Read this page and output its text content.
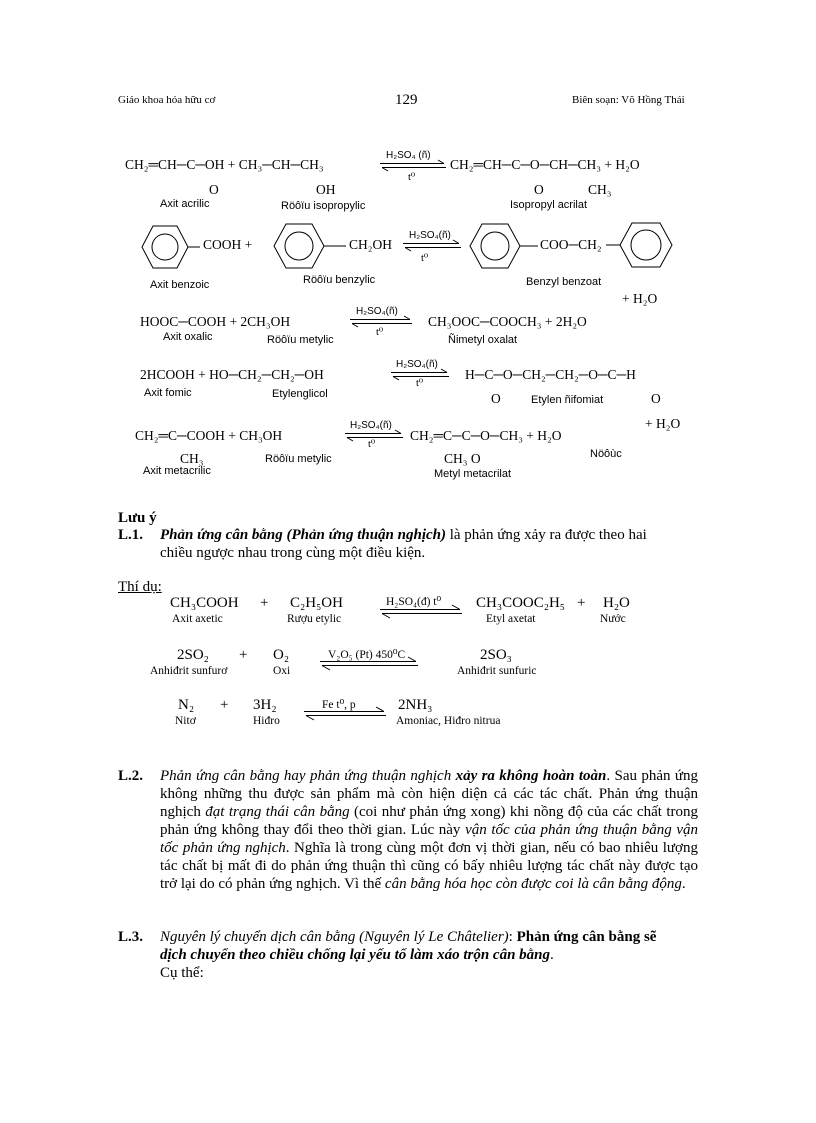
Giáo khoa hóa hữu cơ	129	Biên soạn: Võ Hồng Thái
CH₂═CH─C─OH + CH₃─CH─CH₃
H₂SO₄ (ñ)
t⁰
CH₂═CH─C─O─CH─CH₃ + H₂O
O	OH	O	CH₃
Axit acrilic	Röôïu isopropylic	Isopropyl acrilat
COOH +	CH₂OH
H₂SO₄(ñ)
t⁰
COO─CH₂
Axit benzoic	Röôïu benzylic	Benzyl benzoat
+ H₂O
HOOC─COOH + 2CH₃OH
H₂SO₄(ñ)
t⁰
CH₃OOC─COOCH₃ + 2H₂O
Axit oxalic	Röôïu metylic	Ñimetyl oxalat
2HCOOH + HO─CH₂─CH₂─OH
H₂SO₄(ñ)
t⁰
H─C─O─CH₂─CH₂─O─C─H
O	O
Axit fomic	Etylenglicol	Etylen ñifomiat
+ H₂O
CH₂═C─COOH + CH₃OH
H₂SO₄(ñ)
t⁰
CH₂═C─C─O─CH₃ + H₂O
CH₃	CH₃ O
Axit metacrilic
Röôïu metylic
Metyl metacrilat
Nöôùc
Lưu ý
L.1. Phản ứng cân bằng (Phản ứng thuận nghịch) là phản ứng xảy ra được theo hai
chiều ngược nhau trong cùng một điều kiện.
Thí dụ:
CH₃COOH + C₂H₅OH	H₂SO₄(đ) t⁰ CH₃COOC₂H₅ + H₂O
Axit axetic	Rượu etylic	Etyl axetat	Nước
2SO₂ + O₂	V₂O₅ (Pt) 450⁰C	2SO₃
Anhiđrit sunfurơ	Oxi	Anhiđrit sunfuric
N₂ + 3H₂	Fe t⁰, p	2NH₃
Nitơ	Hiđro	Amoniac, Hiđro nitrua
L.2. Phản ứng cân bằng hay phản ứng thuận nghịch xảy ra không hoàn toàn. Sau phản ứng không những thu được sản phẩm mà còn hiện diện cả các tác chất. Phản ứng thuận nghịch đạt trạng thái cân bằng (coi như phản ứng xong) khi nồng độ của các chất trong phản ứng không thay đổi theo thời gian. Lúc này vận tốc của phản ứng thuận bằng vận tốc phản ứng nghịch. Nghĩa là trong cùng một đơn vị thời gian, nếu có bao nhiêu lượng tác chất bị mất đi do phản ứng thuận thì cũng có bấy nhiêu lượng tác chất này được tạo trở lại do có phản ứng nghịch. Vì thế cân bằng hóa học còn được coi là cân bằng động.
L.3. Nguyên lý chuyển dịch cân bằng (Nguyên lý Le Châtelier): Phản ứng cân bằng sẽ
dịch chuyển theo chiều chống lại yếu tố làm xáo trộn cân bằng.
Cụ thể:
